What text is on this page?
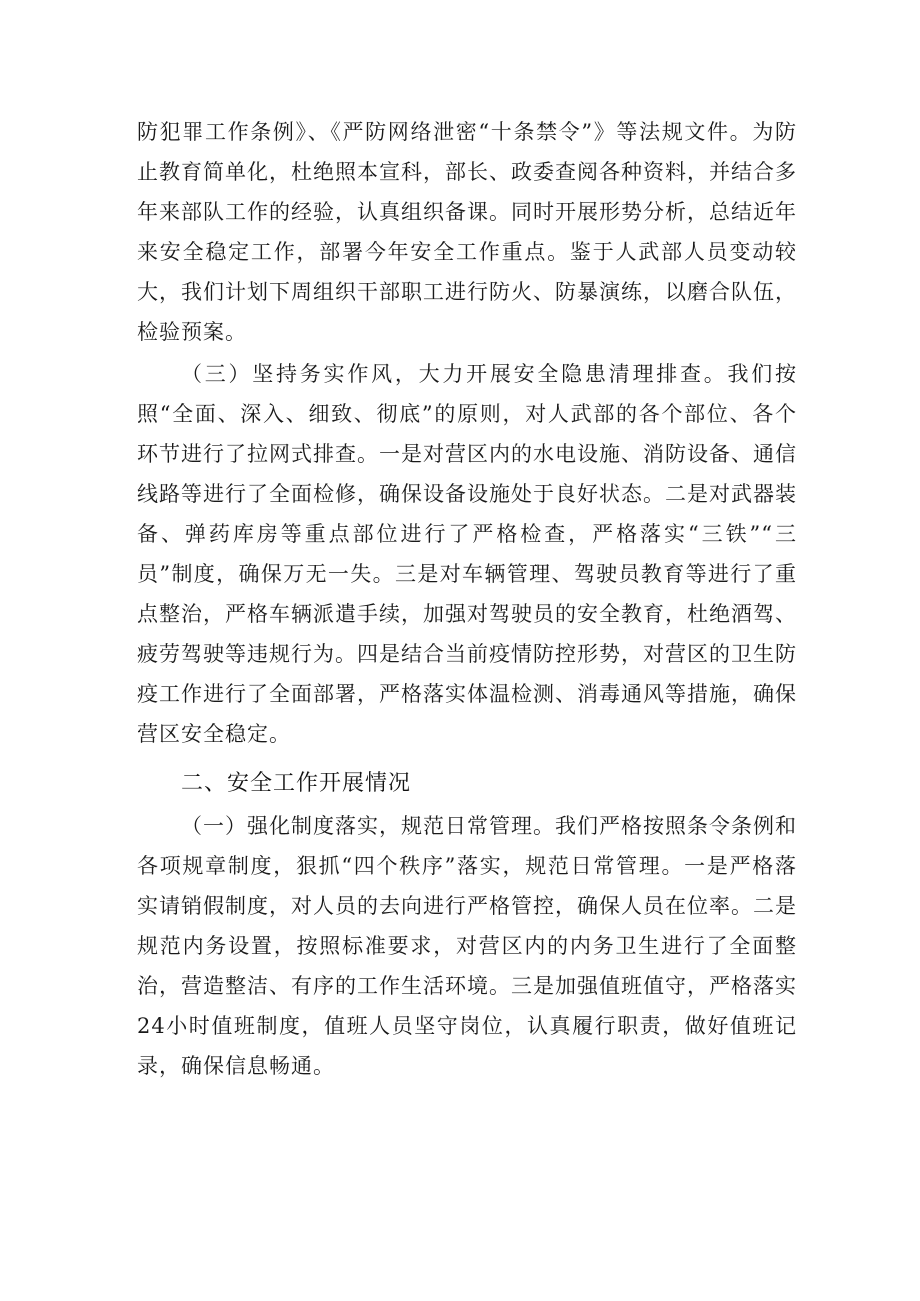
防犯罪工作条例》、《严防网络泄密“十条禁令”》等法规文件。为防止教育简单化，杜绝照本宣科，部长、政委查阅各种资料，并结合多年来部队工作的经验，认真组织备课。同时开展形势分析，总结近年来安全稳定工作，部署今年安全工作重点。鉴于人武部人员变动较大，我们计划下周组织干部职工进行防火、防暴演练，以磨合队伍，检验预案。

（三）坚持务实作风，大力开展安全隐患清理排查。我们按照“全面、深入、细致、彻底”的原则，对人武部的各个部位、各个环节进行了拉网式排查。一是对营区内的水电设施、消防设备、通信线路等进行了全面检修，确保设备设施处于良好状态。二是对武器装备、弹药库房等重点部位进行了严格检查，严格落实“三铁”“三员”制度，确保万无一失。三是对车辆管理、驾驶员教育等进行了重点整治，严格车辆派遣手续，加强对驾驶员的安全教育，杜绝酒驾、疲劳驾驶等违规行为。四是结合当前疫情防控形势，对营区的卫生防疫工作进行了全面部署，严格落实体温检测、消毒通风等措施，确保营区安全稳定。

二、安全工作开展情况

（一）强化制度落实，规范日常管理。我们严格按照条令条例和各项规章制度，狠抓“四个秩序”落实，规范日常管理。一是严格落实请销假制度，对人员的去向进行严格管控，确保人员在位率。二是规范内务设置，按照标准要求，对营区内的内务卫生进行了全面整治，营造整洁、有序的工作生活环境。三是加强值班值守，严格落实24小时值班制度，值班人员坚守岗位，认真履行职责，做好值班记录，确保信息畅通。
